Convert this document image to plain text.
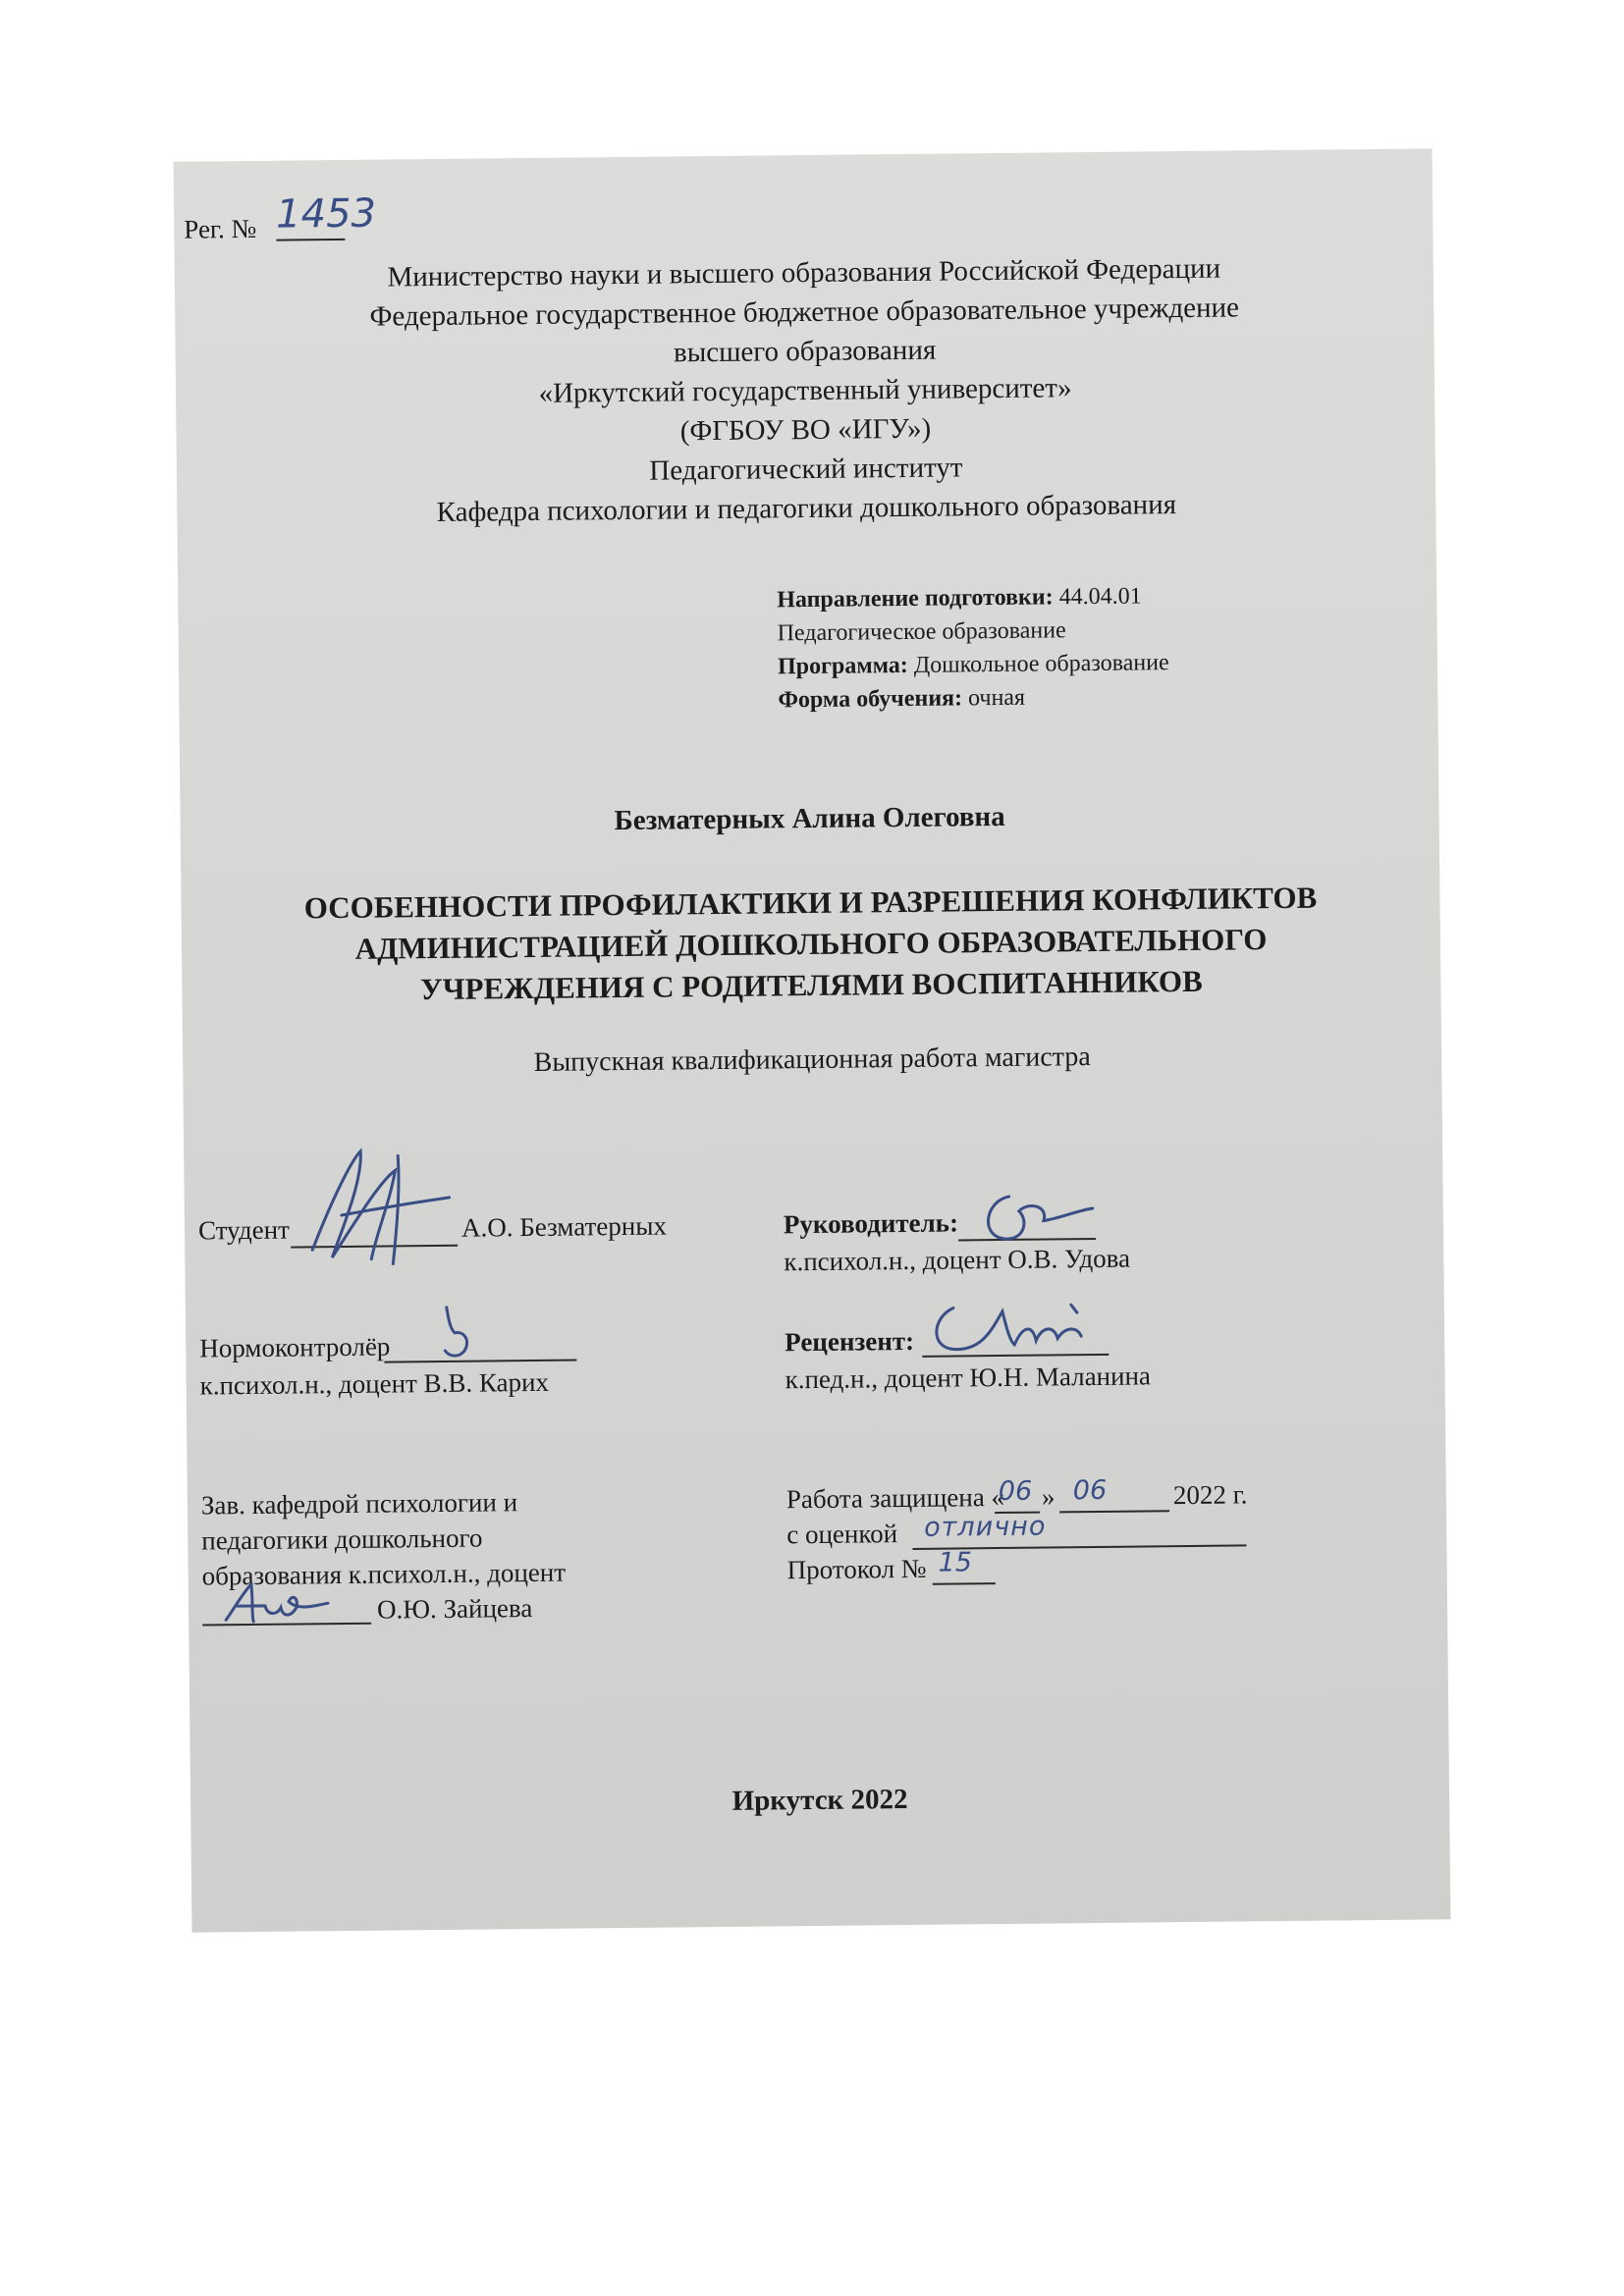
Рег. № 1453
Министерство науки и высшего образования Российской Федерации
Федеральное государственное бюджетное образовательное учреждение
высшего образования
«Иркутский государственный университет»
(ФГБОУ ВО «ИГУ»)
Педагогический институт
Кафедра психологии и педагогики дошкольного образования
Направление подготовки: 44.04.01
Педагогическое образование
Программа: Дошкольное образование
Форма обучения: очная
Безматерных Алина Олеговна
ОСОБЕННОСТИ ПРОФИЛАКТИКИ И РАЗРЕШЕНИЯ КОНФЛИКТОВ
АДМИНИСТРАЦИЕЙ ДОШКОЛЬНОГО ОБРАЗОВАТЕЛЬНОГО
УЧРЕЖДЕНИЯ С РОДИТЕЛЯМИ ВОСПИТАННИКОВ
Выпускная квалификационная работа магистра
Студент	А.О. Безматерных	Руководитель:
к.психол.н., доцент О.В. Удова
Нормоконтролёр
к.психол.н., доцент В.В. Карих
Рецензент:
к.пед.н., доцент Ю.Н. Маланина
Зав. кафедрой психологии и
педагогики дошкольного
образования к.психол.н., доцент
О.Ю. Зайцева
Работа защищена «
06 » 06 2022 г.
с оценкой отлично
Протокол № 15
Иркутск 2022
